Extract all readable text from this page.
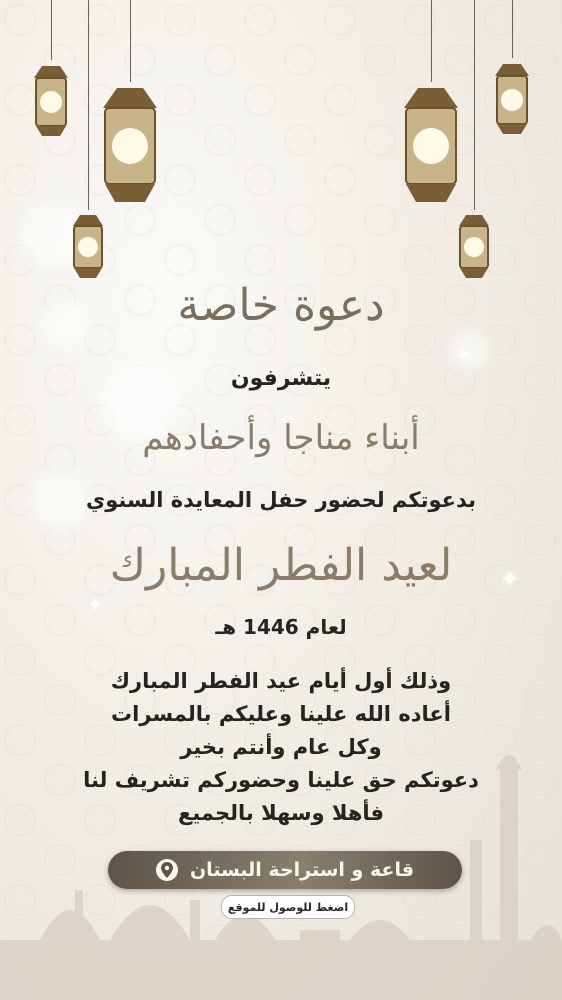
✦
✦
✦
دعوة خاصة
يتشرفون
أبناء مناجا وأحفادهم
بدعوتكم لحضور حفل المعايدة السنوي
لعيد الفطر المبارك
لعام 1446 هـ
وذلك أول أيام عيد الفطر المبارك
أعاده الله علينا وعليكم بالمسرات
وكل عام وأنتم بخير
دعوتكم حق علينا وحضوركم تشريف لنا
فأهلا وسهلا بالجميع
قاعة و استراحة البستان
اضغط للوصول للموقع
